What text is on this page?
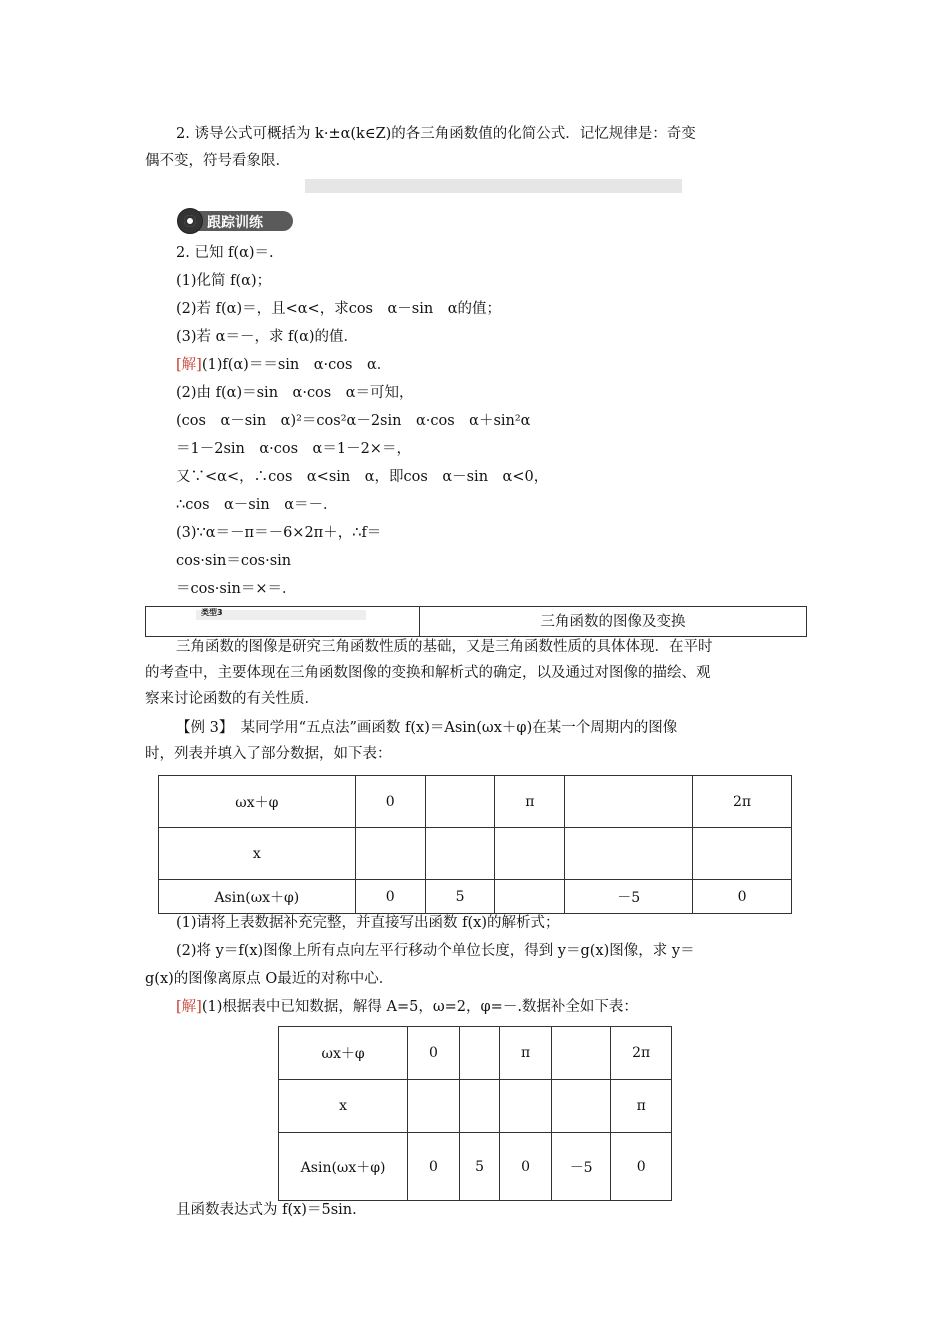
2. 诱导公式可概括为 k·±α(k∈Z)的各三角函数值的化简公式．记忆规律是：奇变
偶不变，符号看象限．
跟踪训练
2. 已知 f(α)＝.
(1)化简 f(α)；
(2)若 f(α)＝，且<α<，求cos　α－sin　α的值；
(3)若 α＝－，求 f(α)的值．
[解](1)f(α)＝＝sin　α·cos　α．
(2)由 f(α)＝sin　α·cos　α＝可知，
(cos　α－sin　α)²＝cos²α－2sin　α·cos　α＋sin²α
＝1－2sin　α·cos　α＝1－2×＝，
又∵<α<，∴cos　α<sin　α，即cos　α－sin　α<0，
∴cos　α－sin　α＝－．
(3)∵α＝－π＝－6×2π＋，∴f＝
cos·sin＝cos·sin
＝cos·sin＝×＝．
类型3
三角函数的图像及变换
三角函数的图像是研究三角函数性质的基础，又是三角函数性质的具体体现．在平时
的考查中，主要体现在三角函数图像的变换和解析式的确定，以及通过对图像的描绘、观
察来讨论函数的有关性质．
【例 3】　某同学用“五点法”画函数 f(x)＝Asin(ωx＋φ)在某一个周期内的图像
时，列表并填入了部分数据，如下表：
ωx＋φ	0		π		2π
x					
Asin(ωx＋φ)	0	5		－5	0
(1)请将上表数据补充完整，并直接写出函数 f(x)的解析式；
(2)将 y＝f(x)图像上所有点向左平行移动个单位长度，得到 y＝g(x)图像，求 y＝
g(x)的图像离原点 O最近的对称中心．
[解](1)根据表中已知数据，解得 A=5，ω=2，φ=－.数据补全如下表：
ωx＋φ	0		π		2π
x					π
Asin(ωx＋φ)	0	5	0	－5	0
且函数表达式为 f(x)＝5sin.
